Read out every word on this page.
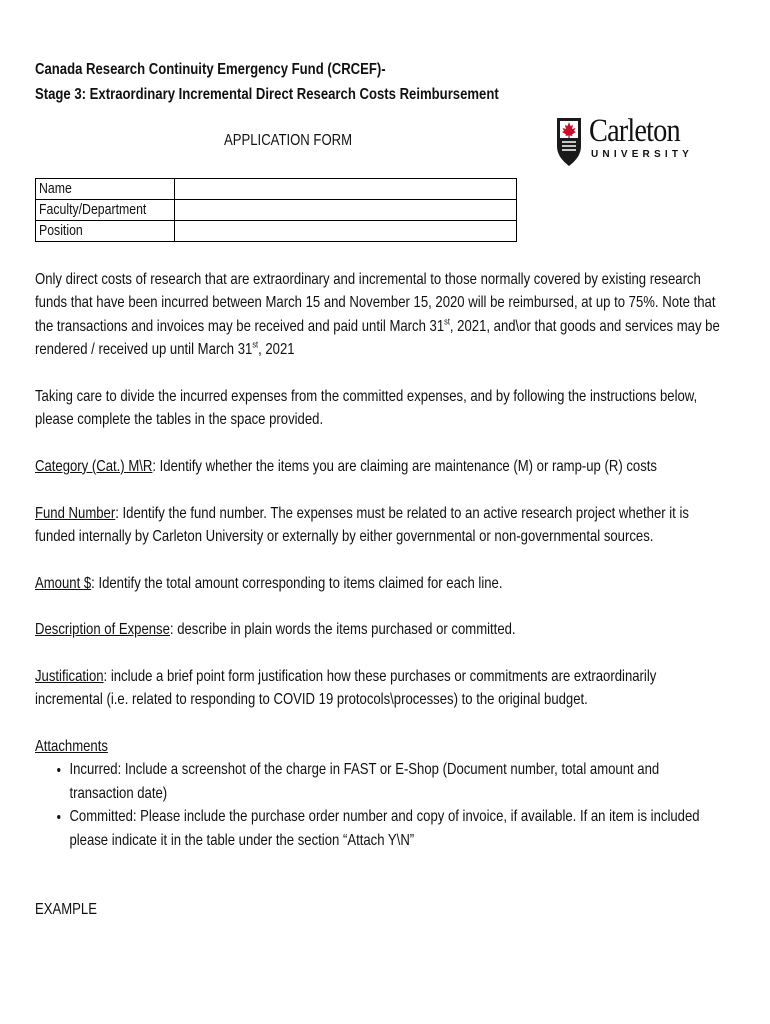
Canada Research Continuity Emergency Fund (CRCEF)-
Stage 3: Extraordinary Incremental Direct Research Costs Reimbursement
APPLICATION FORM	Carleton
UNIVERSITY
Name	
Faculty/Department	
Position	
Only direct costs of research that are extraordinary and incremental to those normally covered by existing research funds that have been incurred between March 15 and November 15, 2020 will be reimbursed, at up to 75%. Note that the transactions and invoices may be received and paid until March 31st, 2021, and\or that goods and services may be rendered / received up until March 31st, 2021
Taking care to divide the incurred expenses from the committed expenses, and by following the instructions below, please complete the tables in the space provided.
Category (Cat.) M\R: Identify whether the items you are claiming are maintenance (M) or ramp-up (R) costs
Fund Number: Identify the fund number. The expenses must be related to an active research project whether it is funded internally by Carleton University or externally by either governmental or non-governmental sources.
Amount $: Identify the total amount corresponding to items claimed for each line.
Description of Expense: describe in plain words the items purchased or committed.
Justification: include a brief point form justification how these purchases or commitments are extraordinarily incremental (i.e. related to responding to COVID 19 protocols\processes) to the original budget.
Attachments
• Incurred: Include a screenshot of the charge in FAST or E-Shop (Document number, total amount and transaction date)
• Committed: Please include the purchase order number and copy of invoice, if available. If an item is included please indicate it in the table under the section “Attach Y\N”
EXAMPLE
